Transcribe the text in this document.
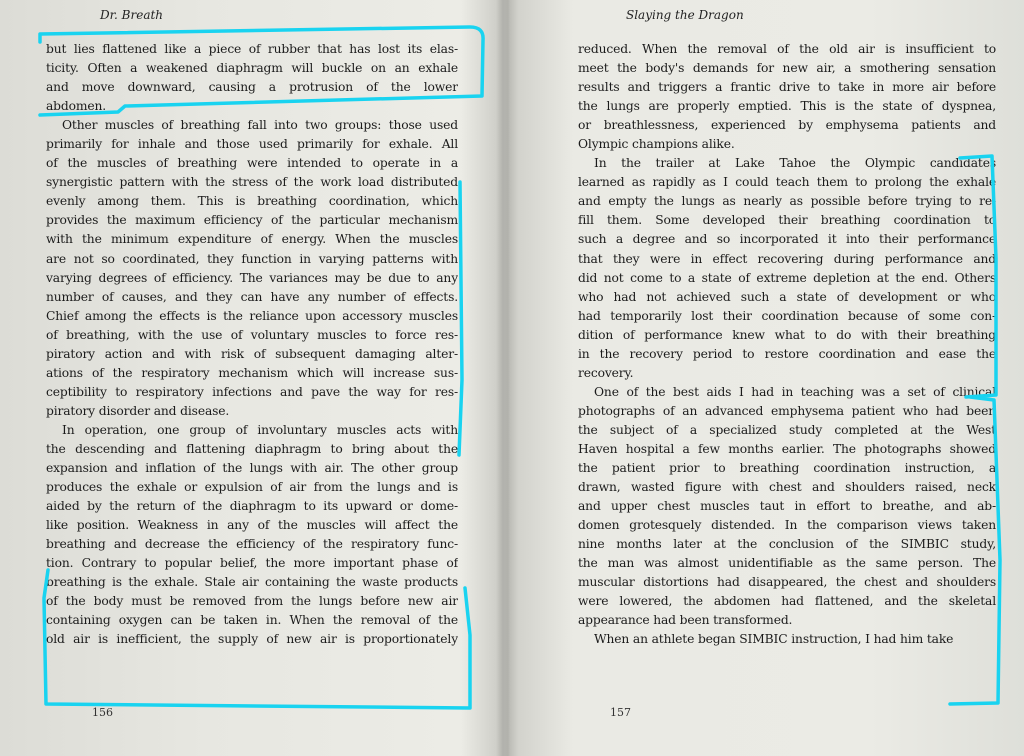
Dr. Breath
but lies flattened like a piece of rubber that has lost its elas-
ticity. Often a weakened diaphragm will buckle on an exhale
and move downward, causing a protrusion of the lower
abdomen.
Other muscles of breathing fall into two groups: those used
primarily for inhale and those used primarily for exhale. All
of the muscles of breathing were intended to operate in a
synergistic pattern with the stress of the work load distributed
evenly among them. This is breathing coordination, which
provides the maximum efficiency of the particular mechanism
with the minimum expenditure of energy. When the muscles
are not so coordinated, they function in varying patterns with
varying degrees of efficiency. The variances may be due to any
number of causes, and they can have any number of effects.
Chief among the effects is the reliance upon accessory muscles
of breathing, with the use of voluntary muscles to force res-
piratory action and with risk of subsequent damaging alter-
ations of the respiratory mechanism which will increase sus-
ceptibility to respiratory infections and pave the way for res-
piratory disorder and disease.
In operation, one group of involuntary muscles acts with
the descending and flattening diaphragm to bring about the
expansion and inflation of the lungs with air. The other group
produces the exhale or expulsion of air from the lungs and is
aided by the return of the diaphragm to its upward or dome-
like position. Weakness in any of the muscles will affect the
breathing and decrease the efficiency of the respiratory func-
tion. Contrary to popular belief, the more important phase of
breathing is the exhale. Stale air containing the waste products
of the body must be removed from the lungs before new air
containing oxygen can be taken in. When the removal of the
old air is inefficient, the supply of new air is proportionately
156
Slaying the Dragon
reduced. When the removal of the old air is insufficient to
meet the body's demands for new air, a smothering sensation
results and triggers a frantic drive to take in more air before
the lungs are properly emptied. This is the state of dyspnea,
or breathlessness, experienced by emphysema patients and
Olympic champions alike.
In the trailer at Lake Tahoe the Olympic candidates
learned as rapidly as I could teach them to prolong the exhale
and empty the lungs as nearly as possible before trying to re-
fill them. Some developed their breathing coordination to
such a degree and so incorporated it into their performance
that they were in effect recovering during performance and
did not come to a state of extreme depletion at the end. Others
who had not achieved such a state of development or who
had temporarily lost their coordination because of some con-
dition of performance knew what to do with their breathing
in the recovery period to restore coordination and ease the
recovery.
One of the best aids I had in teaching was a set of clinical
photographs of an advanced emphysema patient who had been
the subject of a specialized study completed at the West
Haven hospital a few months earlier. The photographs showed
the patient prior to breathing coordination instruction, a
drawn, wasted figure with chest and shoulders raised, neck
and upper chest muscles taut in effort to breathe, and ab-
domen grotesquely distended. In the comparison views taken
nine months later at the conclusion of the SIMBIC study,
the man was almost unidentifiable as the same person. The
muscular distortions had disappeared, the chest and shoulders
were lowered, the abdomen had flattened, and the skeletal
appearance had been transformed.
When an athlete began SIMBIC instruction, I had him take
157
